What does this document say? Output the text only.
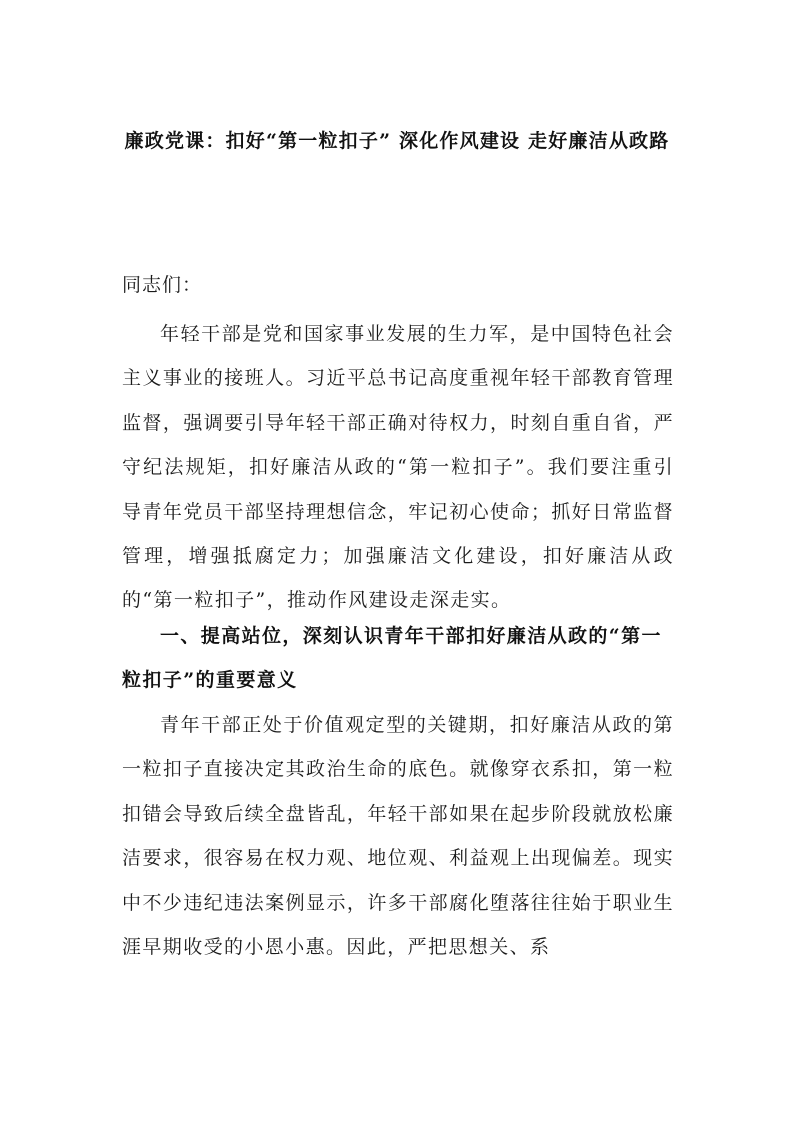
廉政党课：扣好“第一粒扣子” 深化作风建设 走好廉洁从政路
同志们：

年轻干部是党和国家事业发展的生力军，是中国特色社会主义事业的接班人。习近平总书记高度重视年轻干部教育管理监督，强调要引导年轻干部正确对待权力，时刻自重自省，严守纪法规矩，扣好廉洁从政的“第一粒扣子”。我们要注重引导青年党员干部坚持理想信念，牢记初心使命；抓好日常监督管理，增强抵腐定力；加强廉洁文化建设，扣好廉洁从政的“第一粒扣子”，推动作风建设走深走实。

一、提高站位，深刻认识青年干部扣好廉洁从政的“第一粒扣子”的重要意义

青年干部正处于价值观定型的关键期，扣好廉洁从政的第一粒扣子直接决定其政治生命的底色。就像穿衣系扣，第一粒扣错会导致后续全盘皆乱，年轻干部如果在起步阶段就放松廉洁要求，很容易在权力观、地位观、利益观上出现偏差。现实中不少违纪违法案例显示，许多干部腐化堕落往往始于职业生涯早期收受的小恩小惠。因此，严把思想关、系
